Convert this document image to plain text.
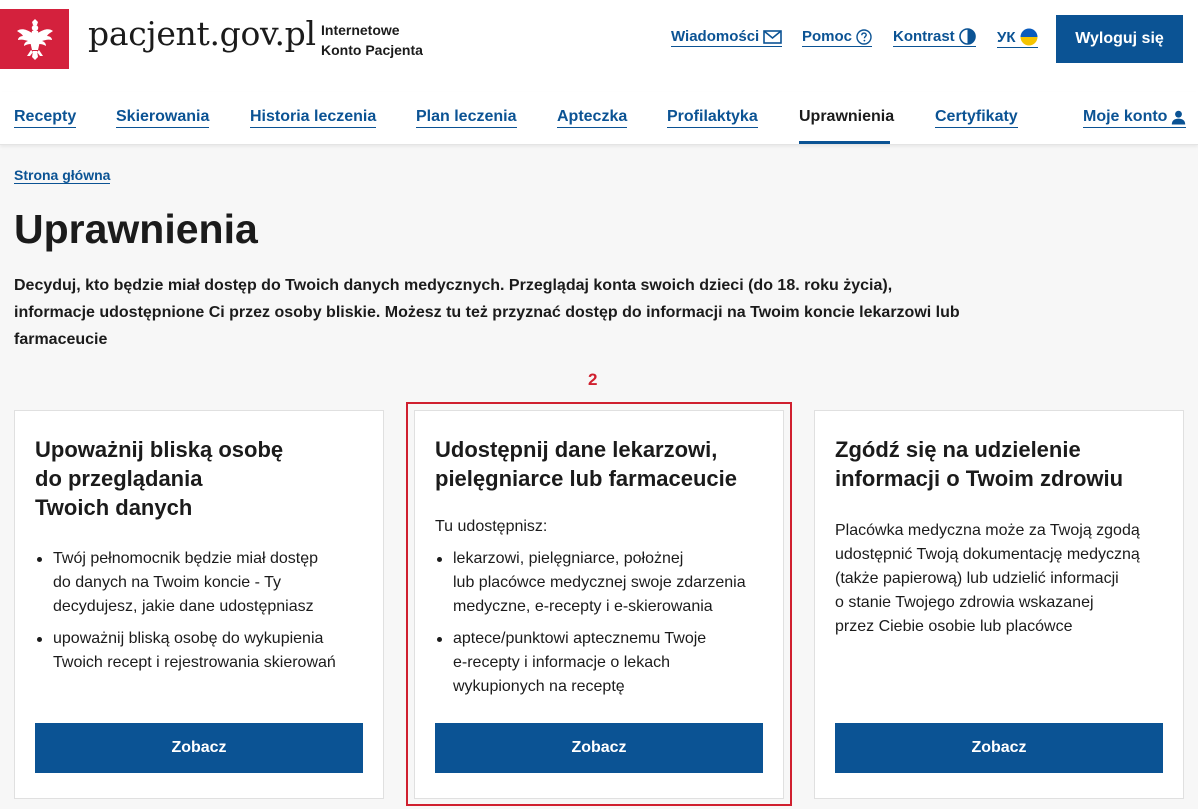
pacjent.gov.pl Internetowe
Konto Pacjenta
Wiadomości	Pomoc	Kontrast	УК	Wyloguj się
Recepty Skierowania	Historia leczenia Plan leczenia	Apteczka Profilaktyka	Uprawnienia	Certyfikaty	Moje konto
Strona główna
Uprawnienia

Decyduj, kto będzie miał dostęp do Twoich danych medycznych. Przeglądaj konta swoich dzieci (do 18. roku życia), informacje udostępnione Ci przez osoby bliskie. Możesz tu też przyznać dostęp do informacji na Twoim koncie lekarzowi lub farmaceucie

2
Upoważnij bliską osobę
do przeglądania
Twoich danych
Twój pełnomocnik będzie miał dostęp
do danych na Twoim koncie - Ty
decydujesz, jakie dane udostępniasz
upoważnij bliską osobę do wykupienia
Twoich recept i rejestrowania skierowań
Zobacz
Udostępnij dane lekarzowi,
pielęgniarce lub farmaceucie
Tu udostępnisz:
lekarzowi, pielęgniarce, położnej
lub placówce medycznej swoje zdarzenia
medyczne, e-recepty i e-skierowania
aptece/punktowi aptecznemu Twoje
e-recepty i informacje o lekach
wykupionych na receptę
Zobacz
Zgódź się na udzielenie
informacji o Twoim zdrowiu
Placówka medyczna może za Twoją zgodą
udostępnić Twoją dokumentację medyczną
(także papierową) lub udzielić informacji
o stanie Twojego zdrowia wskazanej
przez Ciebie osobie lub placówce
Zobacz
